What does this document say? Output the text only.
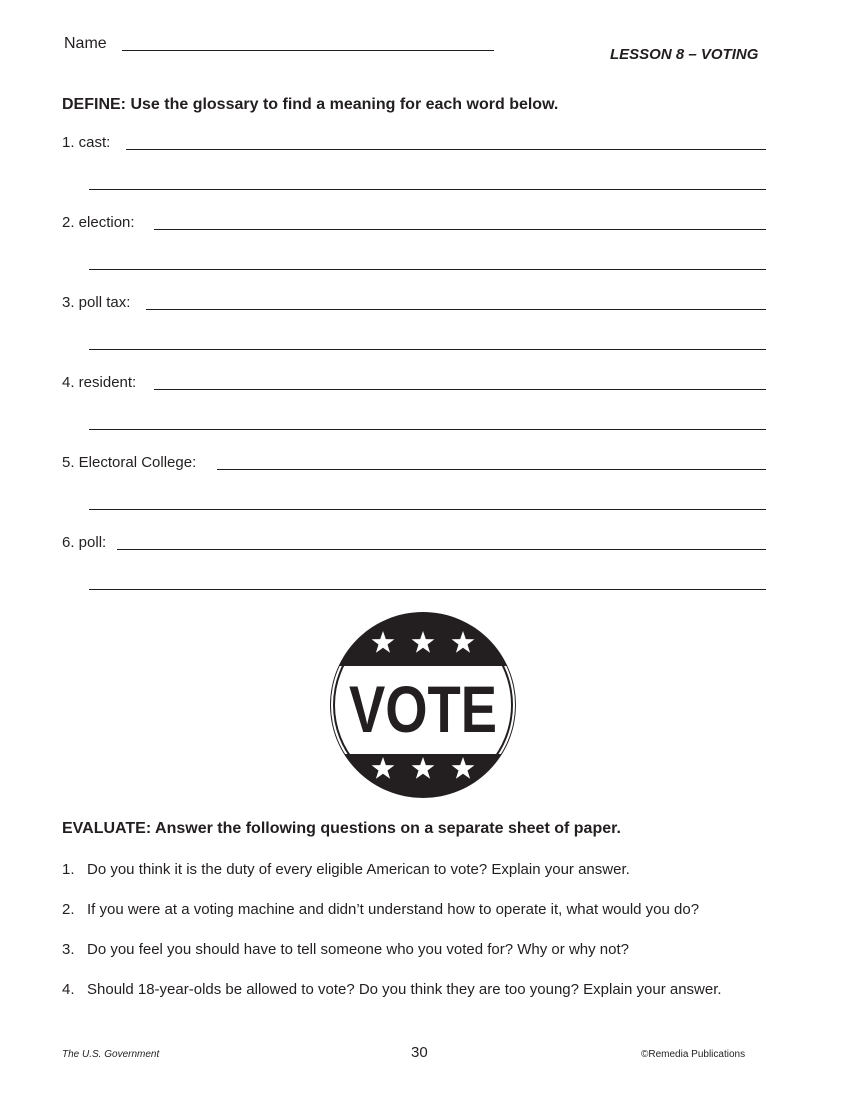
Name
LESSON 8 – VOTING
DEFINE: Use the glossary to find a meaning for each word below.
1. cast:
2. election:
3. poll tax:
4. resident:
5. Electoral College:
6. poll:
VOTE
EVALUATE: Answer the following questions on a separate sheet of paper.
1. Do you think it is the duty of every eligible American to vote? Explain your answer.
2. If you were at a voting machine and didn’t understand how to operate it, what would you do?
3. Do you feel you should have to tell someone who you voted for? Why or why not?
4. Should 18-year-olds be allowed to vote? Do you think they are too young? Explain your answer.
The U.S. Government	30	©Remedia Publications
